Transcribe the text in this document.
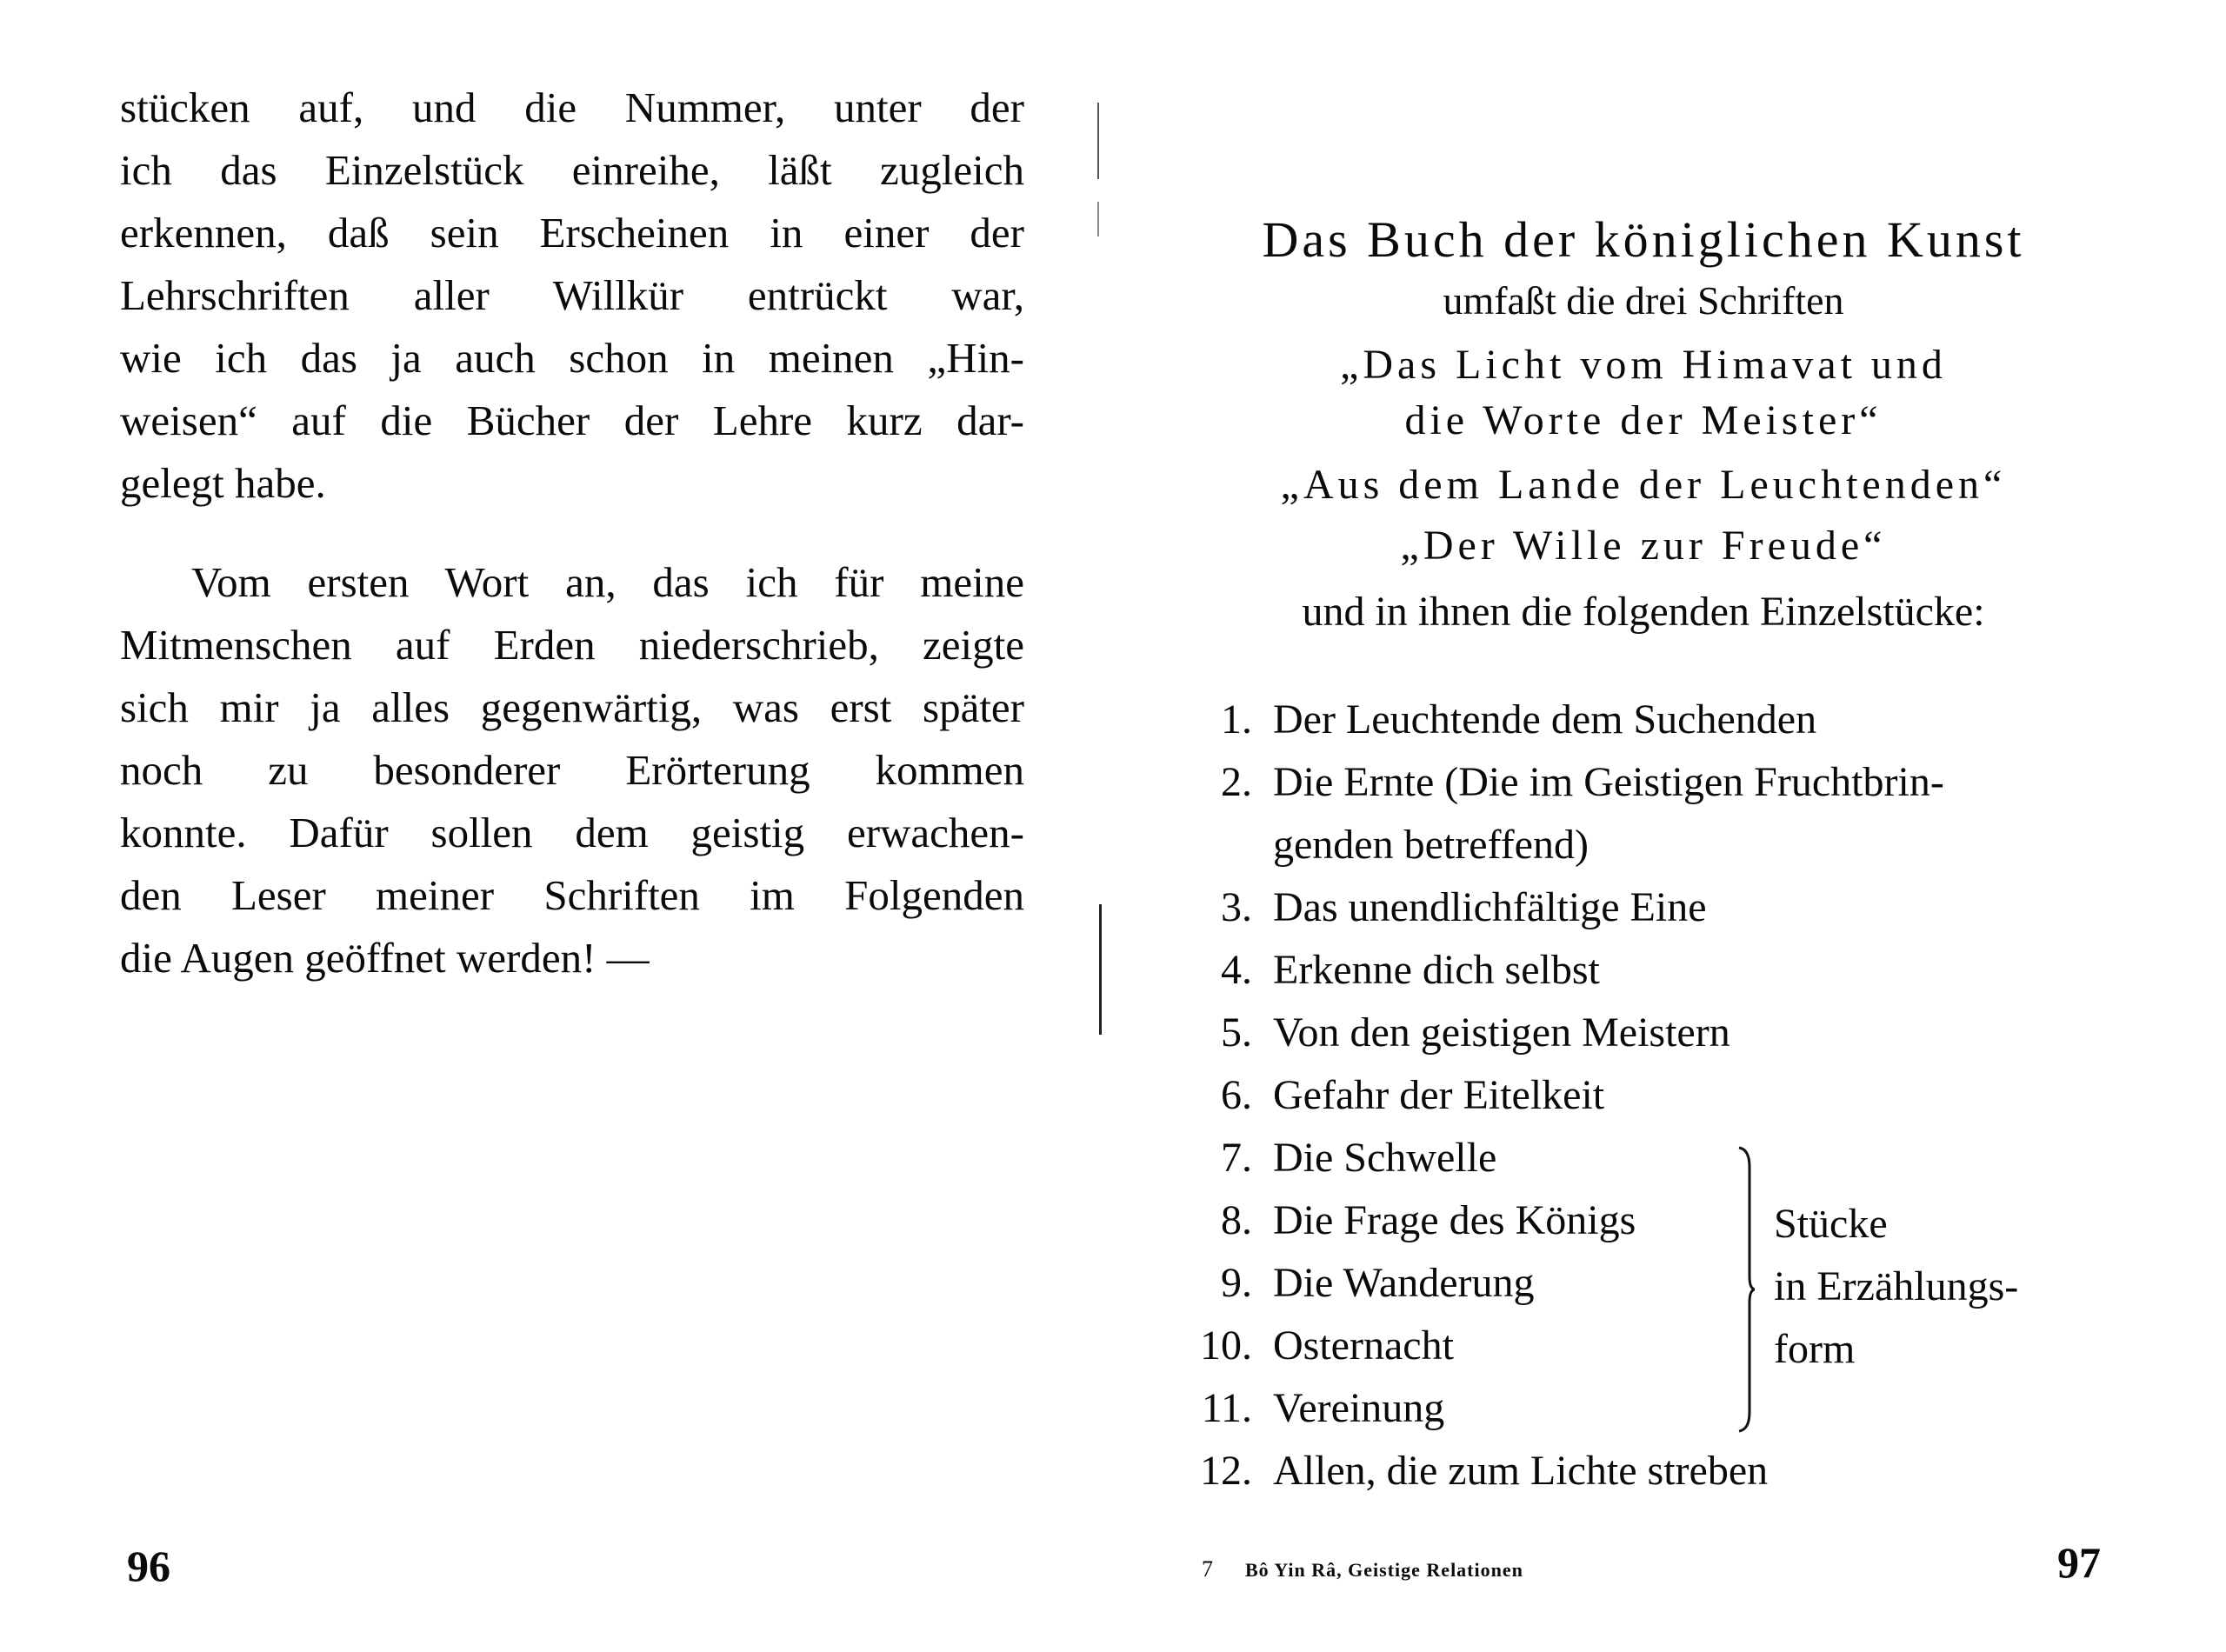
stücken auf, und die Nummer, unter der
ich das Einzelstück einreihe, läßt zugleich
erkennen, daß sein Erscheinen in einer der
Lehrschriften aller Willkür entrückt war,
wie ich das ja auch schon in meinen „Hin-
weisen“ auf die Bücher der Lehre kurz dar-
gelegt habe.

Vom ersten Wort an, das ich für meine
Mitmenschen auf Erden niederschrieb, zeigte
sich mir ja alles gegenwärtig, was erst später
noch zu besonderer Erörterung kommen
konnte. Dafür sollen dem geistig erwachen-
den Leser meiner Schriften im Folgenden
die Augen geöffnet werden! —

96

Das Buch der königlichen Kunst

umfaßt die drei Schriften

„Das Licht vom Himavat und

die Worte der Meister“

„Aus dem Lande der Leuchtenden“

„Der Wille zur Freude“

und in ihnen die folgenden Einzelstücke:

1. Der Leuchtende dem Suchenden
2. Die Ernte (Die im Geistigen Fruchtbrin-
genden betreffend)
3. Das unendlichfältige Eine
4. Erkenne dich selbst
5. Von den geistigen Meistern
6. Gefahr der Eitelkeit
7. Die Schwelle
8. Die Frage des Königs
9. Die Wanderung
10. Osternacht
11. Vereinung
12. Allen, die zum Lichte streben
Stücke
in Erzählungs-
form
7 Bô Yin Râ, Geistige Relationen	97
